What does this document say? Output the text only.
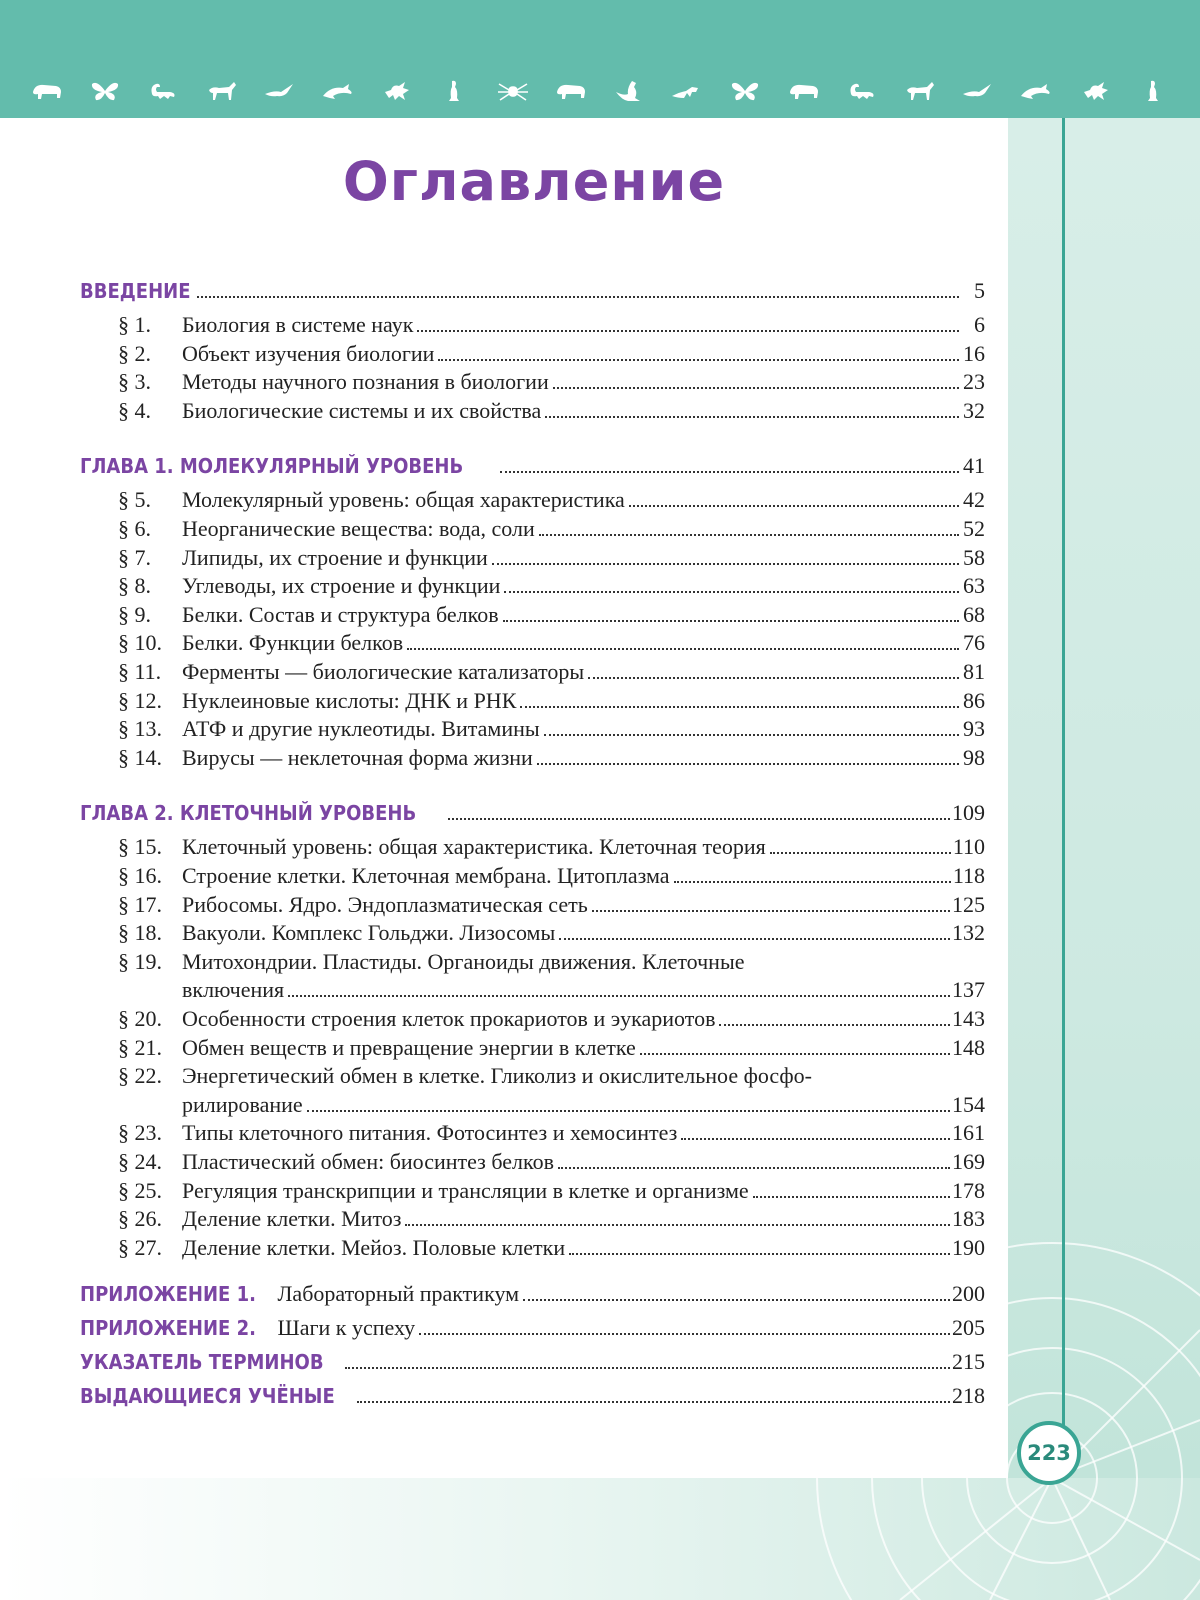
Оглавление
ВВЕДЕНИЕ	5
§ 1.	Биология в системе наук	6
§ 2.	Объект изучения биологии	16
§ 3.	Методы научного познания в биологии	23
§ 4.	Биологические системы и их свойства	32
ГЛАВА 1. МОЛЕКУЛЯРНЫЙ УРОВЕНЬ	41
§ 5.	Молекулярный уровень: общая характеристика	42
§ 6.	Неорганические вещества: вода, соли	52
§ 7.	Липиды, их строение и функции	58
§ 8.	Углеводы, их строение и функции	63
§ 9.	Белки. Состав и структура белков	68
§ 10. Белки. Функции белков	76
§ 11. Ферменты — биологические катализаторы	81
§ 12. Нуклеиновые кислоты: ДНК и РНК	86
§ 13. АТФ и другие нуклеотиды. Витамины	93
§ 14. Вирусы — неклеточная форма жизни	98
ГЛАВА 2. КЛЕТОЧНЫЙ УРОВЕНЬ	109
§ 15. Клеточный уровень: общая характеристика. Клеточная теория	110
§ 16. Строение клетки. Клеточная мембрана. Цитоплазма	118
§ 17. Рибосомы. Ядро. Эндоплазматическая сеть	125
§ 18. Вакуоли. Комплекс Гольджи. Лизосомы	132
§ 19. Митохондрии. Пластиды. Органоиды движения. Клеточные
включения	137
§ 20. Особенности строения клеток прокариотов и эукариотов	143
§ 21. Обмен веществ и превращение энергии в клетке	148
§ 22. Энергетический обмен в клетке. Гликолиз и окислительное фосфо-
рилирование	154
§ 23. Типы клеточного питания. Фотосинтез и хемосинтез	161
§ 24. Пластический обмен: биосинтез белков	169
§ 25. Регуляция транскрипции и трансляции в клетке и организме	178
§ 26. Деление клетки. Митоз	183
§ 27. Деление клетки. Мейоз. Половые клетки	190
ПРИЛОЖЕНИЕ 1. Лабораторный практикум	200
ПРИЛОЖЕНИЕ 2. Шаги к успеху	205
УКАЗАТЕЛЬ ТЕРМИНОВ	215
ВЫДАЮЩИЕСЯ УЧЁНЫЕ	218
223
